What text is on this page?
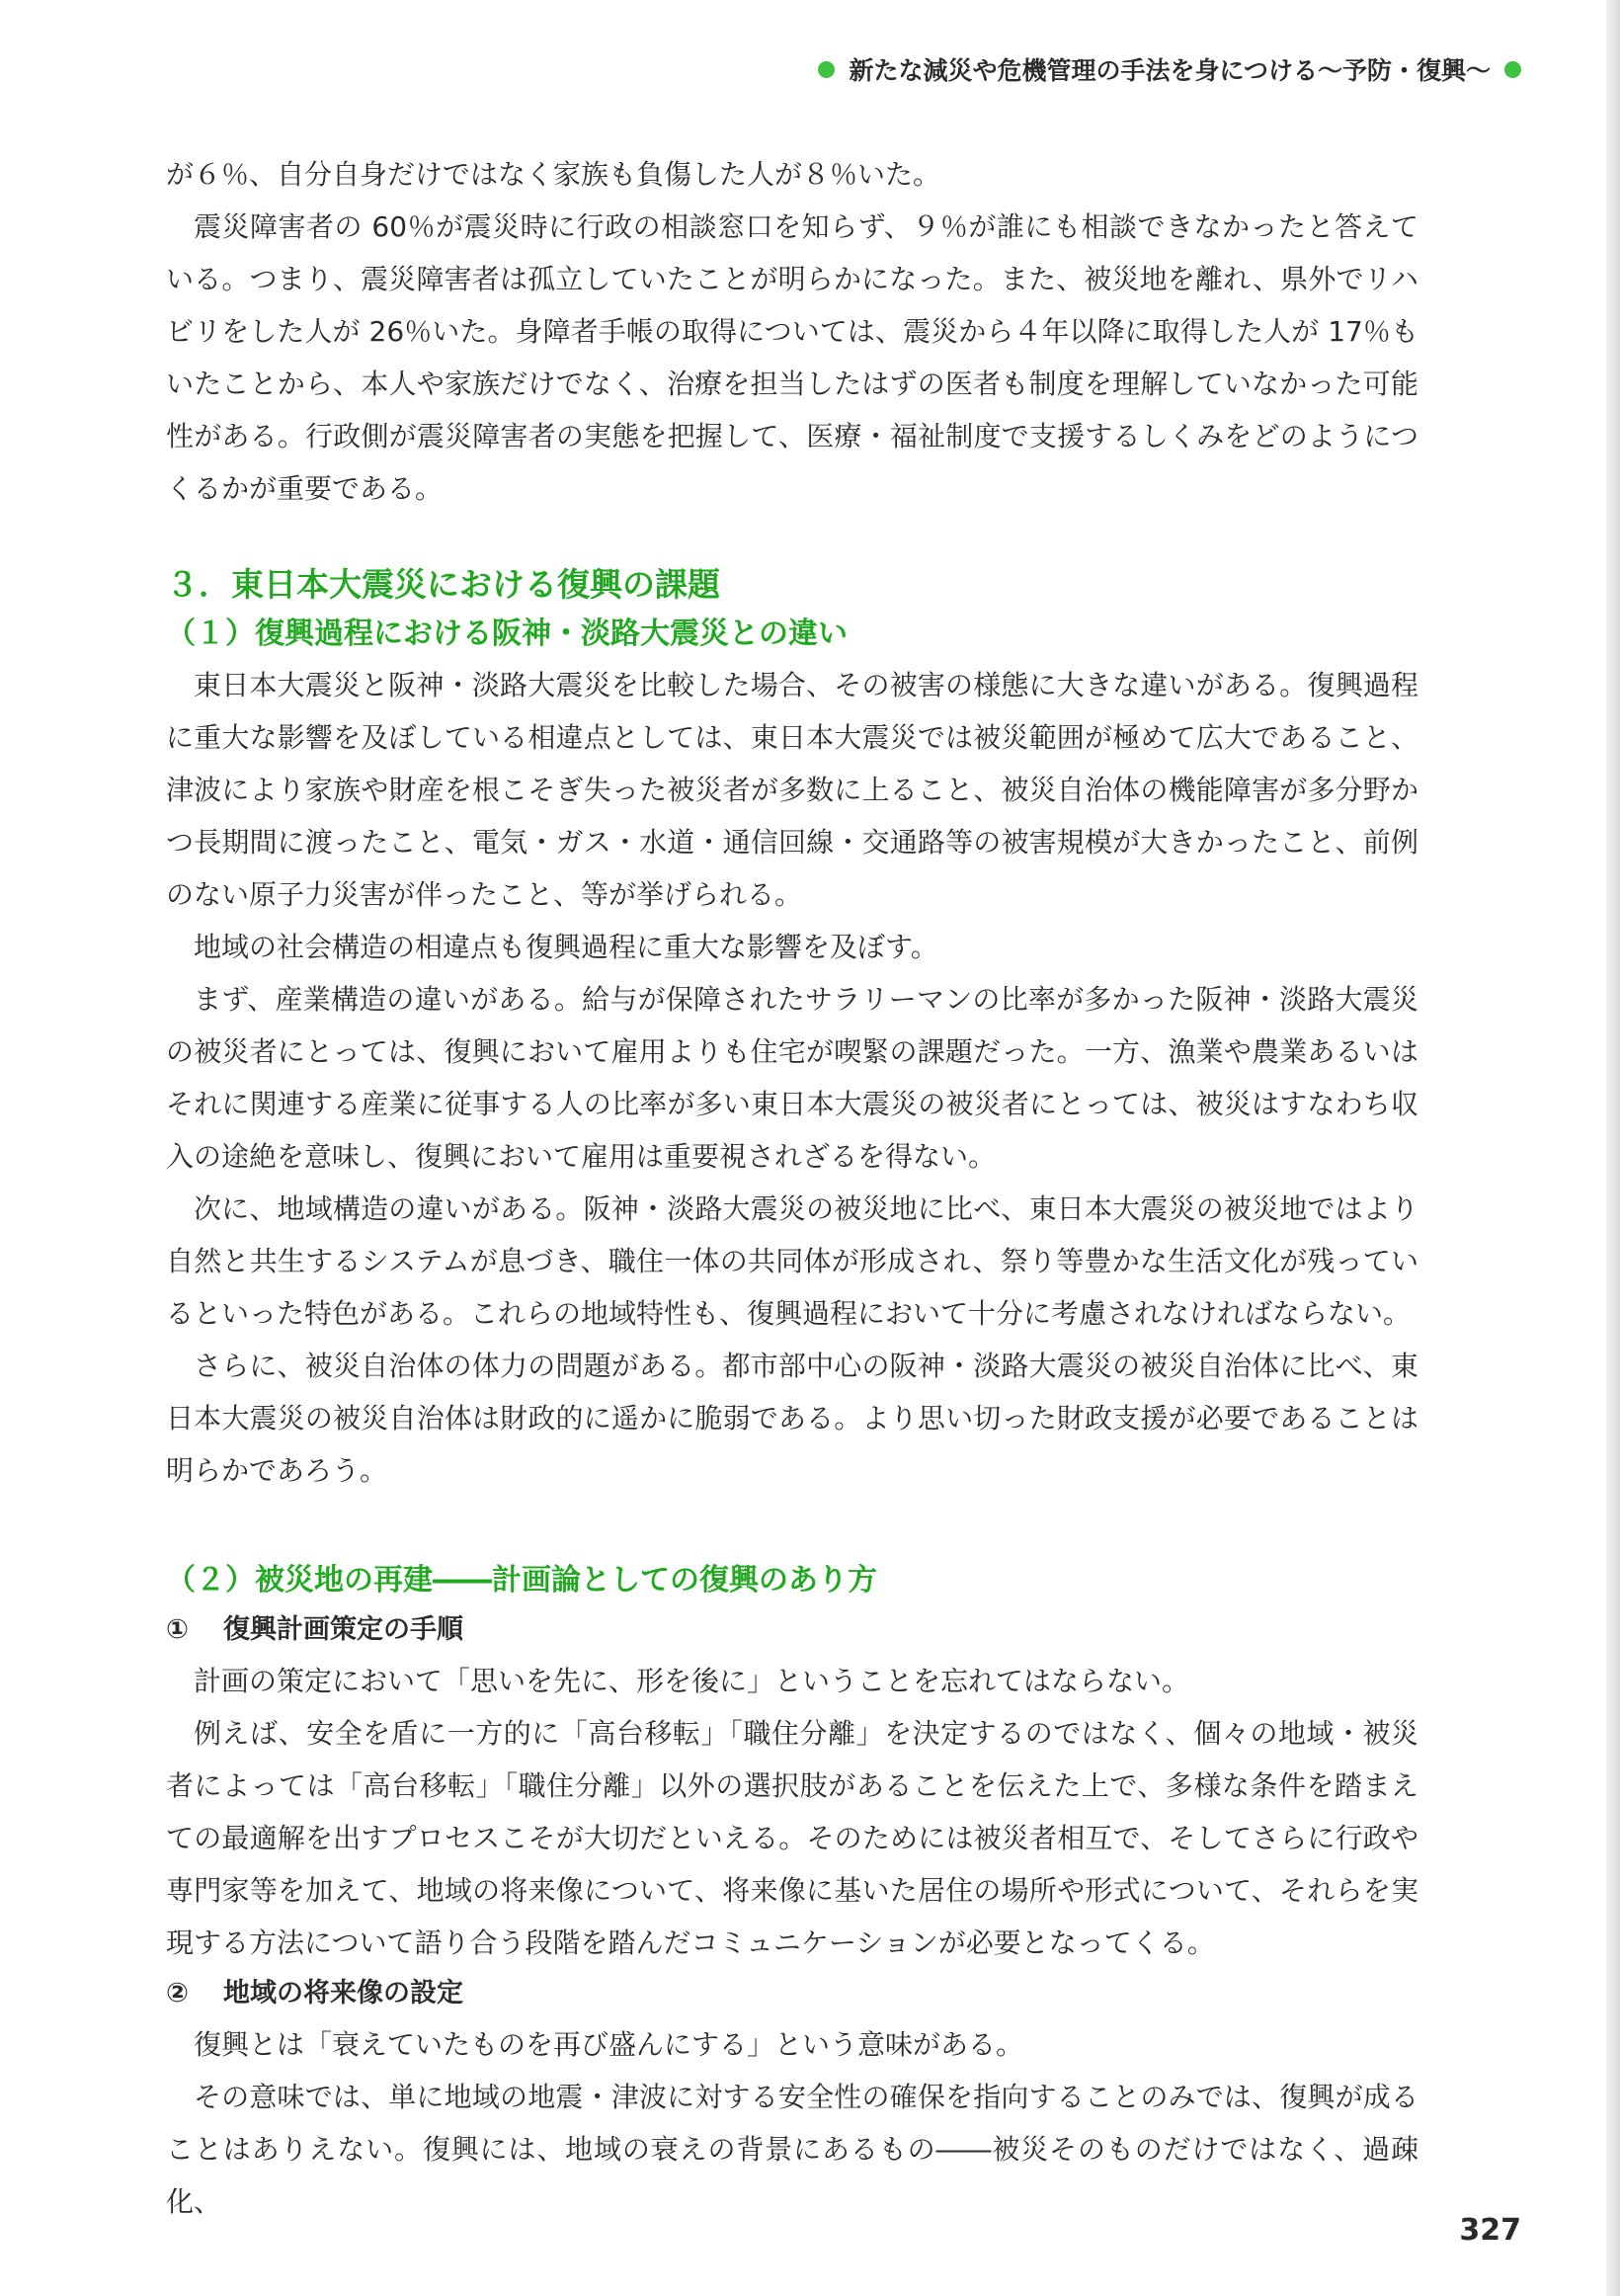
新たな減災や危機管理の手法を身につける〜予防・復興〜

が６％、自分自身だけではなく家族も負傷した人が８％いた。

震災障害者の 60％が震災時に行政の相談窓口を知らず、９％が誰にも相談できなかったと答えている。つまり、震災障害者は孤立していたことが明らかになった。また、被災地を離れ、県外でリハビリをした人が 26％いた。身障者手帳の取得については、震災から４年以降に取得した人が 17％もいたことから、本人や家族だけでなく、治療を担当したはずの医者も制度を理解していなかった可能性がある。行政側が震災障害者の実態を把握して、医療・福祉制度で支援するしくみをどのようにつくるかが重要である。

３．東日本大震災における復興の課題
（１）復興過程における阪神・淡路大震災との違い

東日本大震災と阪神・淡路大震災を比較した場合、その被害の様態に大きな違いがある。復興過程に重大な影響を及ぼしている相違点としては、東日本大震災では被災範囲が極めて広大であること、津波により家族や財産を根こそぎ失った被災者が多数に上ること、被災自治体の機能障害が多分野かつ長期間に渡ったこと、電気・ガス・水道・通信回線・交通路等の被害規模が大きかったこと、前例のない原子力災害が伴ったこと、等が挙げられる。

地域の社会構造の相違点も復興過程に重大な影響を及ぼす。

まず、産業構造の違いがある。給与が保障されたサラリーマンの比率が多かった阪神・淡路大震災の被災者にとっては、復興において雇用よりも住宅が喫緊の課題だった。一方、漁業や農業あるいはそれに関連する産業に従事する人の比率が多い東日本大震災の被災者にとっては、被災はすなわち収入の途絶を意味し、復興において雇用は重要視されざるを得ない。

次に、地域構造の違いがある。阪神・淡路大震災の被災地に比べ、東日本大震災の被災地ではより自然と共生するシステムが息づき、職住一体の共同体が形成され、祭り等豊かな生活文化が残っているといった特色がある。これらの地域特性も、復興過程において十分に考慮されなければならない。

さらに、被災自治体の体力の問題がある。都市部中心の阪神・淡路大震災の被災自治体に比べ、東日本大震災の被災自治体は財政的に遥かに脆弱である。より思い切った財政支援が必要であることは明らかであろう。

（２）被災地の再建――計画論としての復興のあり方
①	復興計画策定の手順

計画の策定において「思いを先に、形を後に」ということを忘れてはならない。

例えば、安全を盾に一方的に「高台移転」「職住分離」を決定するのではなく、個々の地域・被災者によっては「高台移転」「職住分離」以外の選択肢があることを伝えた上で、多様な条件を踏まえての最適解を出すプロセスこそが大切だといえる。そのためには被災者相互で、そしてさらに行政や専門家等を加えて、地域の将来像について、将来像に基いた居住の場所や形式について、それらを実現する方法について語り合う段階を踏んだコミュニケーションが必要となってくる。

②	地域の将来像の設定

復興とは「衰えていたものを再び盛んにする」という意味がある。

その意味では、単に地域の地震・津波に対する安全性の確保を指向することのみでは、復興が成ることはありえない。復興には、地域の衰えの背景にあるもの――被災そのものだけではなく、過疎化、

327
